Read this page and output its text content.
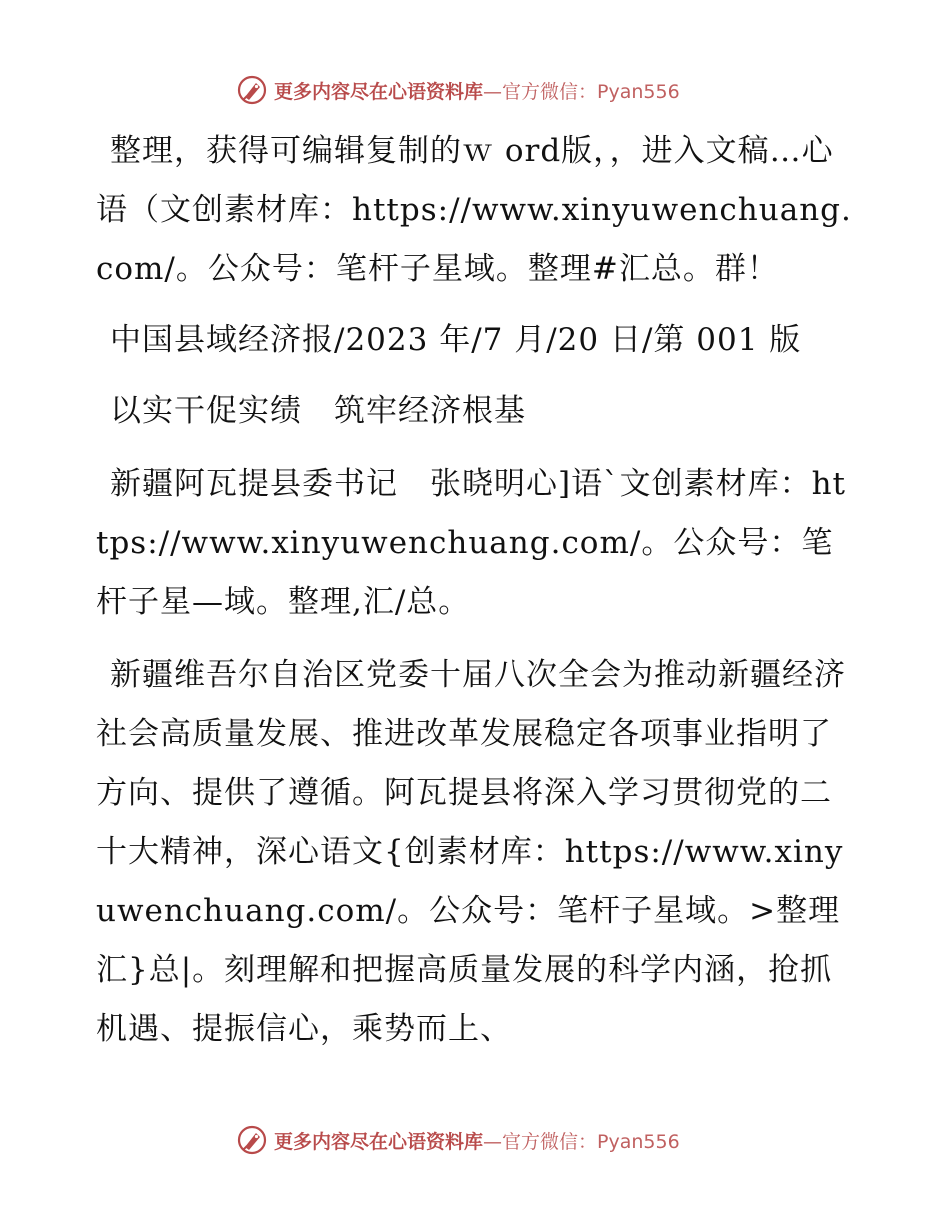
更多内容尽在心语资料库—官方微信：Pyan556

整理，获得可编辑复制的ｗ ord版，，进入文稿…心语（文创素材库：https://www.xinyuwenchuang.com/。公众号：笔杆子星域。整理#汇总。群！

中国县域经济报/2023 年/7 月/20 日/第 001 版

以实干促实绩　筑牢经济根基

新疆阿瓦提县委书记　张晓明心]语`文创素材库：https://www.xinyuwenchuang.com/。公众号：笔杆子星—域。整理,汇/总。

新疆维吾尔自治区党委十届八次全会为推动新疆经济社会高质量发展、推进改革发展稳定各项事业指明了方向、提供了遵循。阿瓦提县将深入学习贯彻党的二十大精神，深心语文{创素材库：https://www.xinyuwenchuang.com/。公众号：笔杆子星域。>整理汇}总|。刻理解和把握高质量发展的科学内涵，抢抓机遇、提振信心，乘势而上、

更多内容尽在心语资料库—官方微信：Pyan556
